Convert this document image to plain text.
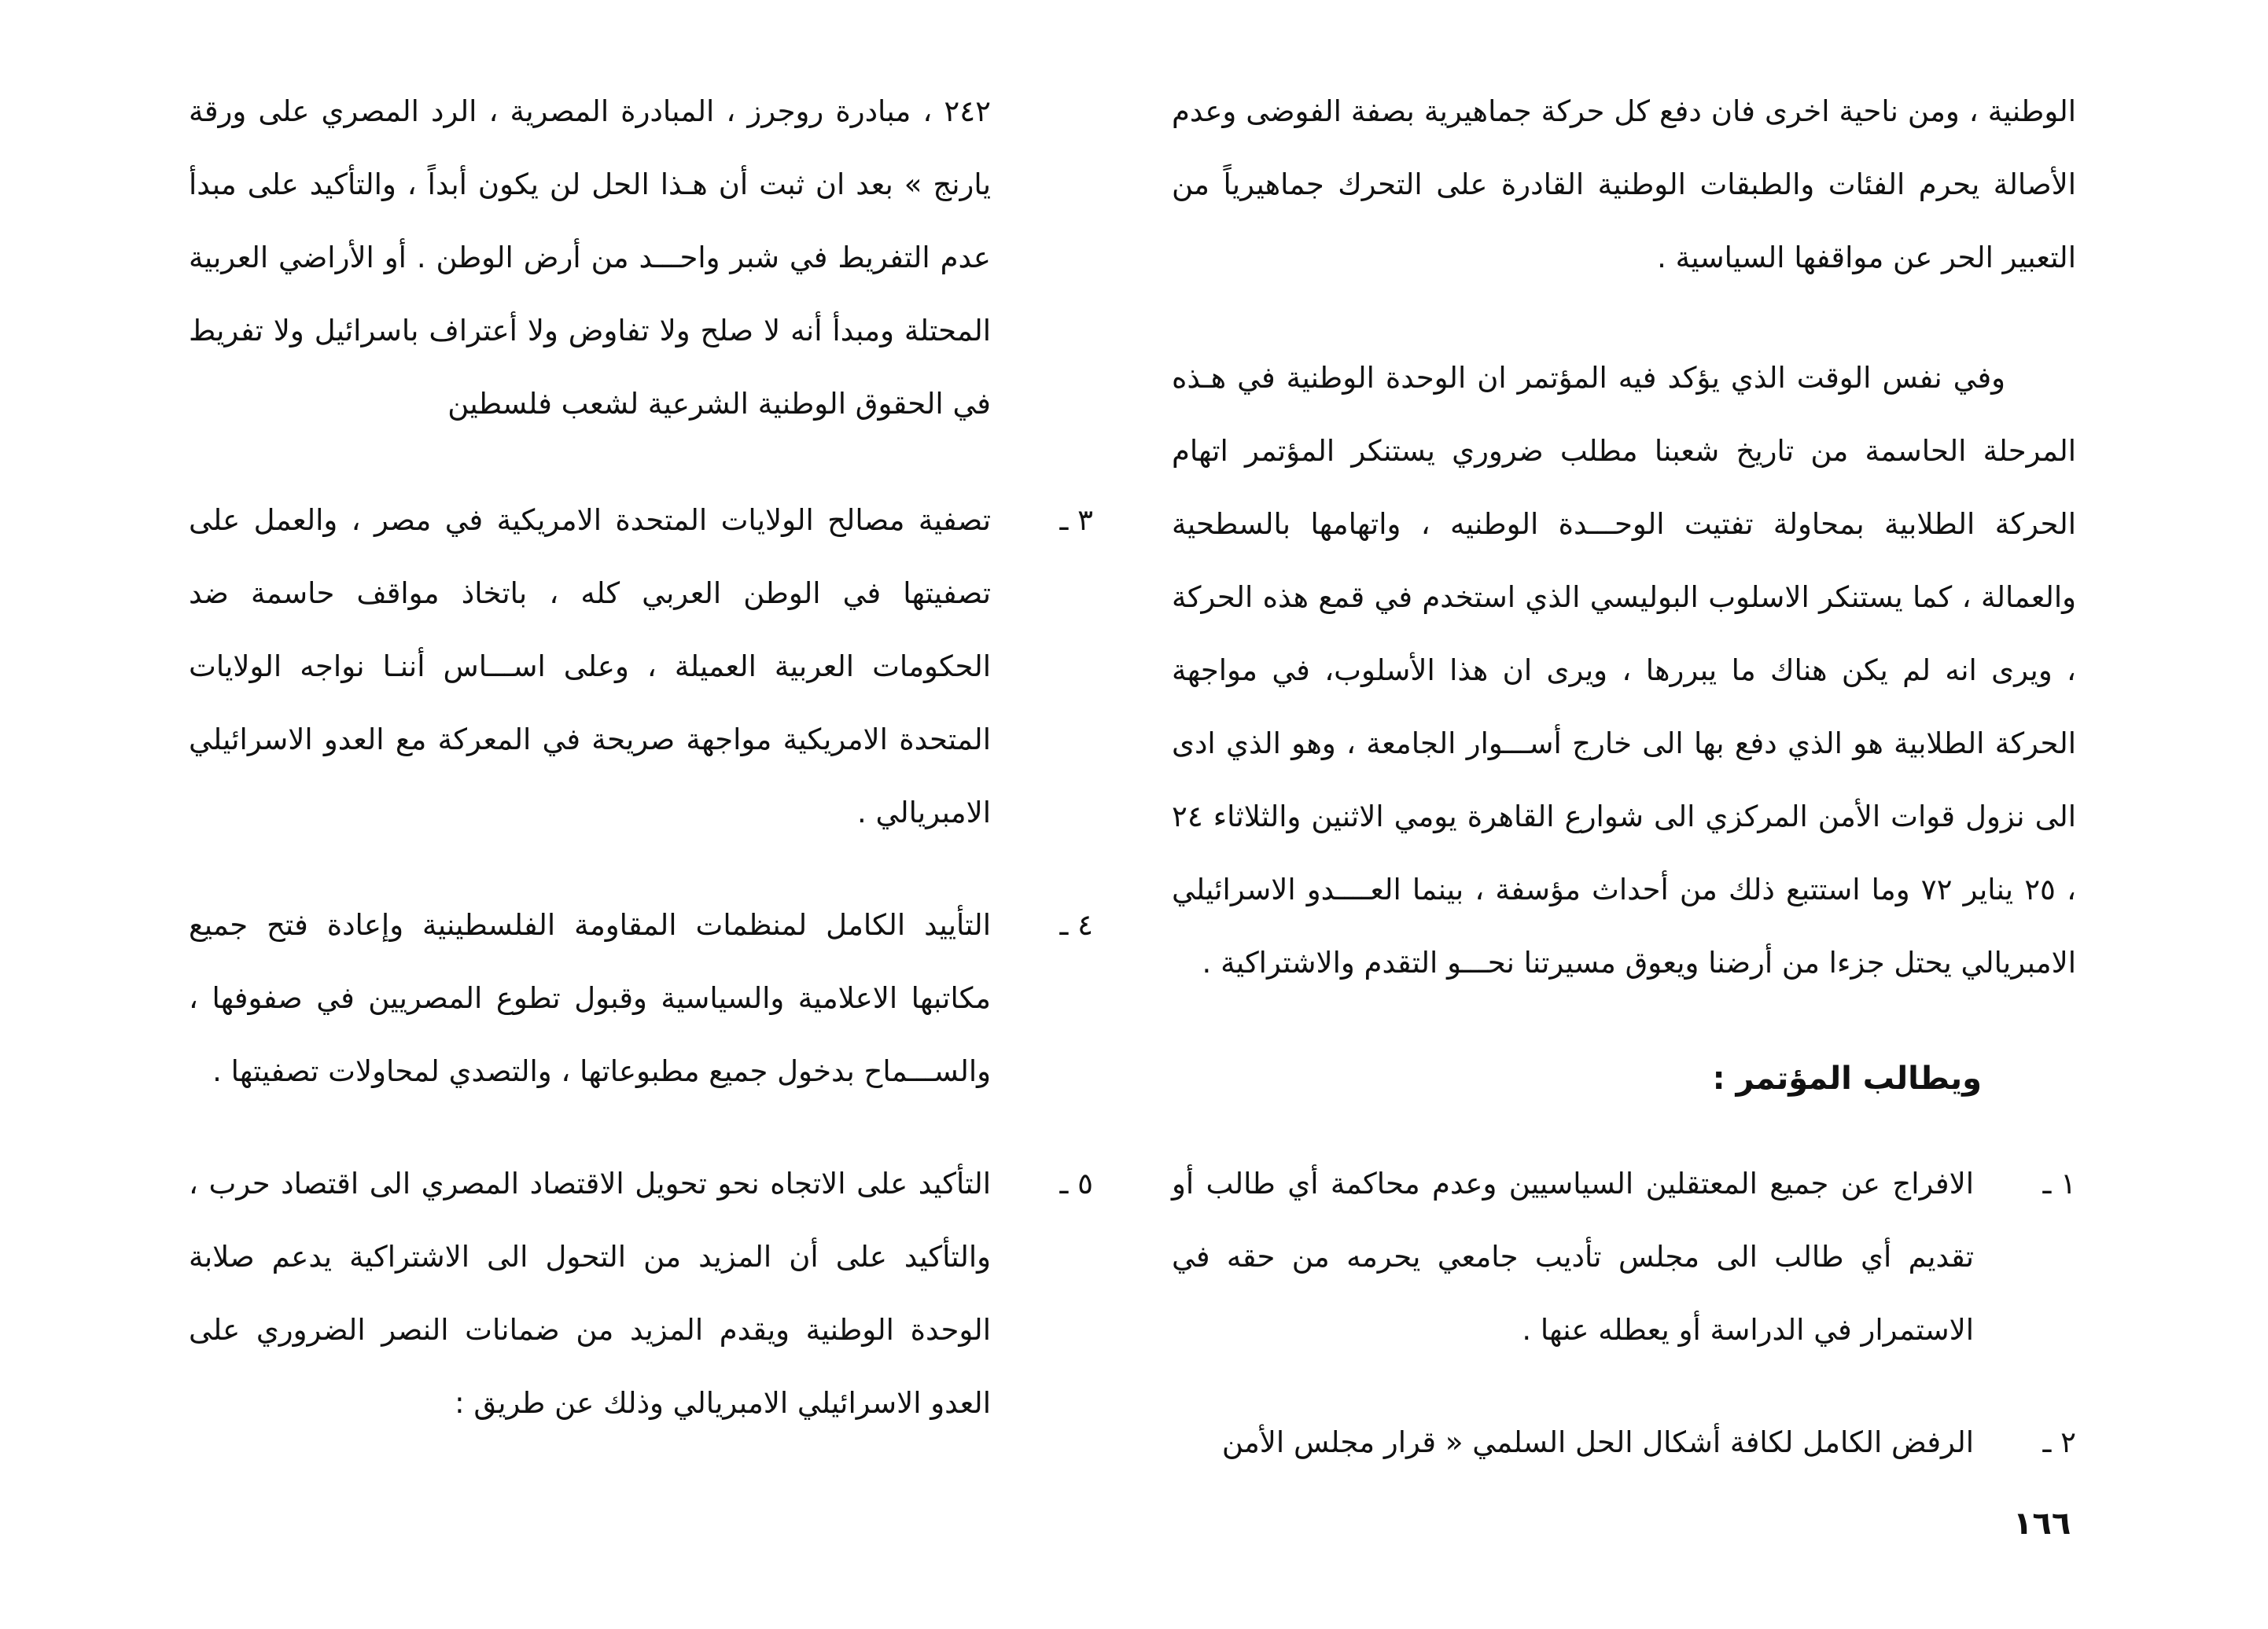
الوطنية ، ومن ناحية اخرى فان دفع كل حركة جماهيرية بصفة الفوضى وعدم الأصالة يحرم الفئات والطبقات الوطنية القادرة على التحرك جماهيرياً من التعبير الحر عن مواقفها السياسية .

وفي نفس الوقت الذي يؤكد فيه المؤتمر ان الوحدة الوطنية في هـذه المرحلة الحاسمة من تاريخ شعبنا مطلب ضروري يستنكر المؤتمر اتهام الحركة الطلابية بمحاولة تفتيت الوحـــدة الوطنيه ، واتهامها بالسطحية والعمالة ، كما يستنكر الاسلوب البوليسي الذي استخدم في قمع هذه الحركة ، ويرى انه لم يكن هناك ما يبررها ، ويرى ان هذا الأسلوب، في مواجهة الحركة الطلابية هو الذي دفع بها الى خارج أســـوار الجامعة ، وهو الذي ادى الى نزول قوات الأمن المركزي الى شوارع القاهرة يومي الاثنين والثلاثاء ٢٤ ، ٢٥ يناير ٧٢ وما استتبع ذلك من أحداث مؤسفة ، بينما العــــدو الاسرائيلي الامبريالي يحتل جزءا من أرضنا ويعوق مسيرتنا نحـــو التقدم والاشتراكية .

ويطالب المؤتمر :
١ ـ
الافراج عن جميع المعتقلين السياسيين وعدم محاكمة أي طالب أو تقديم أي طالب الى مجلس تأديب جامعي يحرمه من حقه في الاستمرار في الدراسة أو يعطله عنها .
٢ ـ
الرفض الكامل لكافة أشكال الحل السلمي « قرار مجلس الأمن

٢٤٢ ، مبادرة روجرز ، المبادرة المصرية ، الرد المصري على ورقة يارنج » بعد ان ثبت أن هـذا الحل لن يكون أبداً ، والتأكيد على مبدأ عدم التفريط في شبر واحـــد من أرض الوطن . أو الأراضي العربية المحتلة ومبدأ أنه لا صلح ولا تفاوض ولا أعتراف باسرائيل ولا تفريط في الحقوق الوطنية الشرعية لشعب فلسطين

٣ ـ
تصفية مصالح الولايات المتحدة الامريكية في مصر ، والعمل على تصفيتها في الوطن العربي كله ، باتخاذ مواقف حاسمة ضد الحكومات العربية العميلة ، وعلى اســـاس أننـا نواجه الولايات المتحدة الامريكية مواجهة صريحة في المعركة مع العدو الاسرائيلي الامبريالي .
٤ ـ
التأييد الكامل لمنظمات المقاومة الفلسطينية وإعادة فتح جميع مكاتبها الاعلامية والسياسية وقبول تطوع المصريين في صفوفها ، والســـماح بدخول جميع مطبوعاتها ، والتصدي لمحاولات تصفيتها .
٥ ـ
التأكيد على الاتجاه نحو تحويل الاقتصاد المصري الى اقتصاد حرب ، والتأكيد على أن المزيد من التحول الى الاشتراكية يدعم صلابة الوحدة الوطنية ويقدم المزيد من ضمانات النصر الضروري على العدو الاسرائيلي الامبريالي وذلك عن طريق :
١٦٦
